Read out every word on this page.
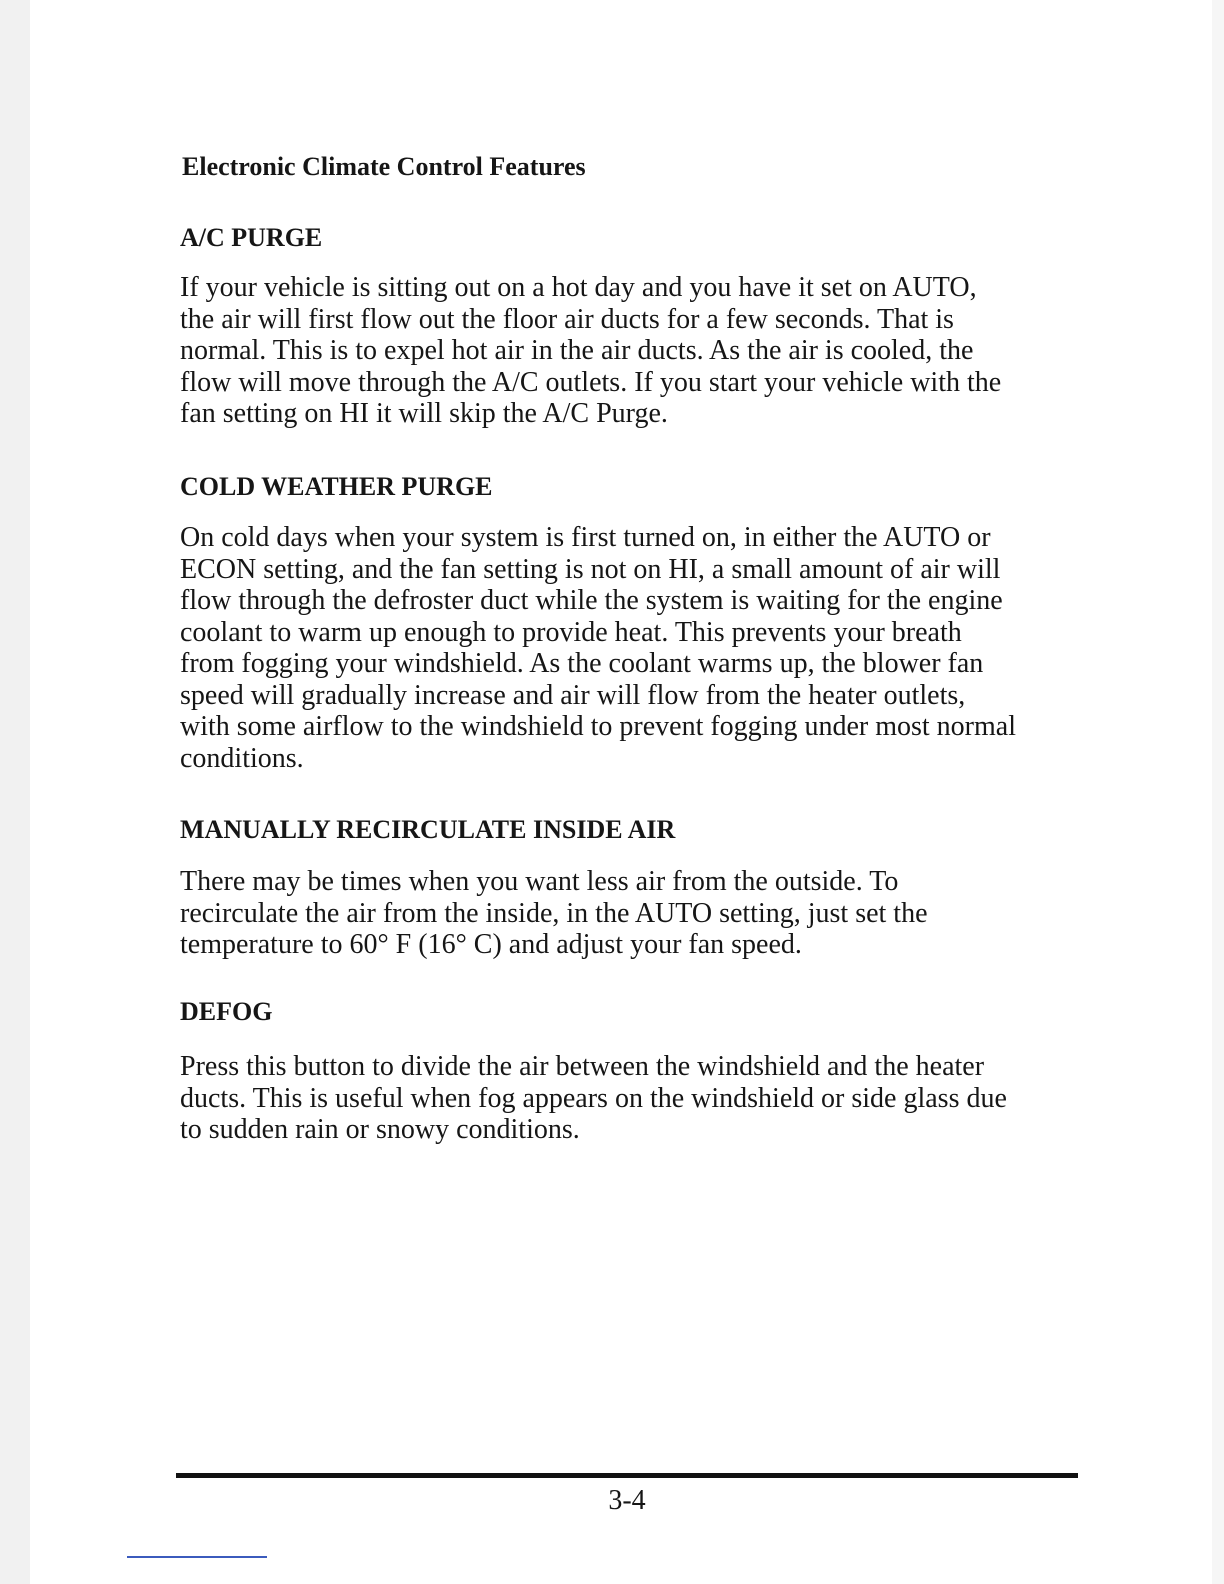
Electronic Climate Control Features
A/C PURGE
If your vehicle is sitting out on a hot day and you have it set on AUTO,
the air will first flow out the floor air ducts for a few seconds. That is
normal. This is to expel hot air in the air ducts. As the air is cooled, the
flow will move through the A/C outlets. If you start your vehicle with the
fan setting on HI it will skip the A/C Purge.
COLD WEATHER PURGE
On cold days when your system is first turned on, in either the AUTO or
ECON setting, and the fan setting is not on HI, a small amount of air will
flow through the defroster duct while the system is waiting for the engine
coolant to warm up enough to provide heat. This prevents your breath
from fogging your windshield. As the coolant warms up, the blower fan
speed will gradually increase and air will flow from the heater outlets,
with some airflow to the windshield to prevent fogging under most normal
conditions.
MANUALLY RECIRCULATE INSIDE AIR
There may be times when you want less air from the outside. To
recirculate the air from the inside, in the AUTO setting, just set the
temperature to 60° F (16° C) and adjust your fan speed.
DEFOG
Press this button to divide the air between the windshield and the heater
ducts. This is useful when fog appears on the windshield or side glass due
to sudden rain or snowy conditions.
3-4
